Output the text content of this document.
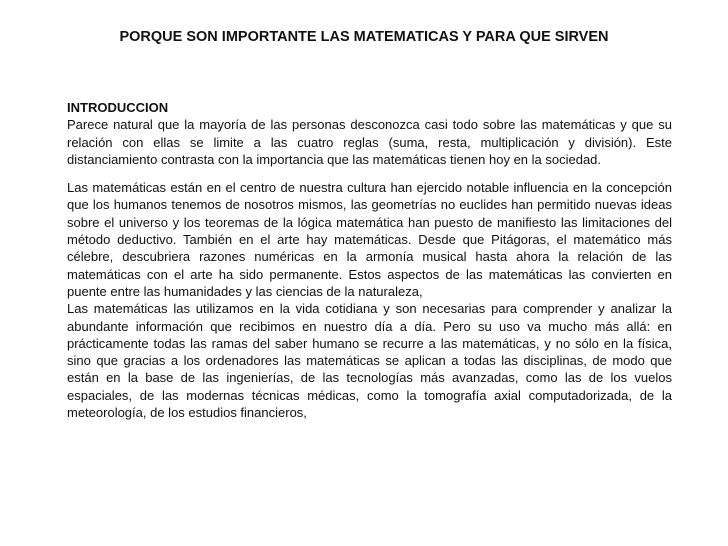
PORQUE SON IMPORTANTE LAS MATEMATICAS Y PARA QUE SIRVEN

INTRODUCCION

Parece natural que la mayoría de las personas desconozca casi todo sobre las matemáticas y que su relación con ellas se limite a las cuatro reglas (suma, resta, multiplicación y división). Este distanciamiento contrasta con la importancia que las matemáticas tienen hoy en la sociedad.

Las matemáticas están en el centro de nuestra cultura han ejercido notable influencia en la concepción que los humanos tenemos de nosotros mismos, las geometrías no euclides han permitido nuevas ideas sobre el universo y los teoremas de la lógica matemática han puesto de manifiesto las limitaciones del método deductivo. También en el arte hay matemáticas. Desde que Pitágoras, el matemático más célebre, descubriera razones numéricas en la armonía musical hasta ahora la relación de las matemáticas con el arte ha sido permanente. Estos aspectos de las matemáticas las convierten en puente entre las humanidades y las ciencias de la naturaleza,
Las matemáticas las utilizamos en la vida cotidiana y son necesarias para comprender y analizar la abundante información que recibimos en nuestro día a día. Pero su uso va mucho más allá: en prácticamente todas las ramas del saber humano se recurre a las matemáticas, y no sólo en la física, sino que gracias a los ordenadores las matemáticas se aplican a todas las disciplinas, de modo que están en la base de las ingenierías, de las tecnologías más avanzadas, como las de los vuelos espaciales, de las modernas técnicas médicas, como la tomografía axial computadorizada, de la meteorología, de los estudios financieros,
